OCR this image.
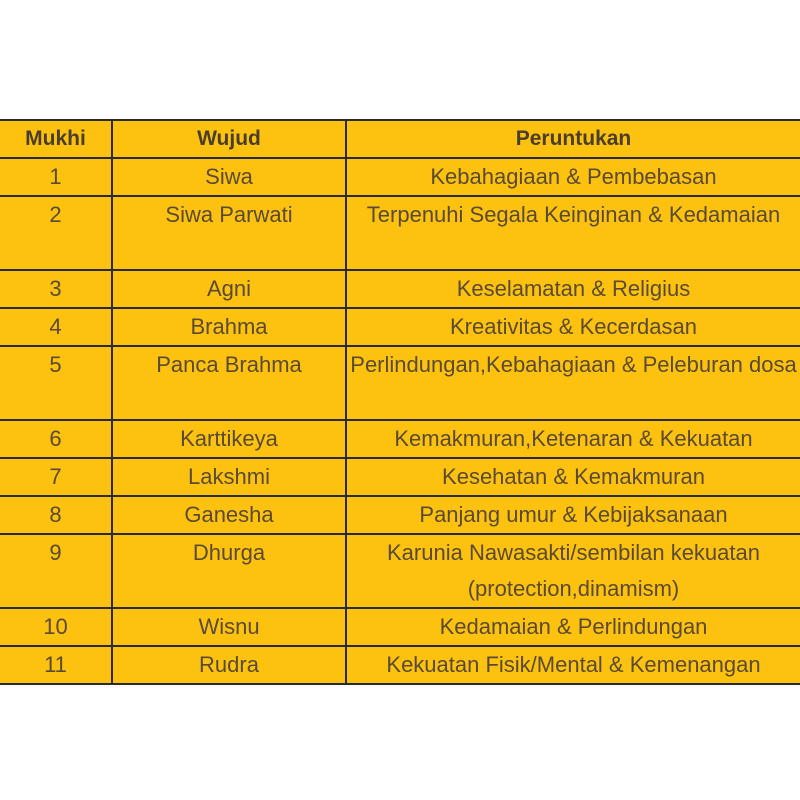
Mukhi	Wujud	Peruntukan
1	Siwa	Kebahagiaan & Pembebasan
2	Siwa Parwati	Terpenuhi Segala Keinginan & Kedamaian
3	Agni	Keselamatan & Religius
4	Brahma	Kreativitas & Kecerdasan
5	Panca Brahma	Perlindungan,Kebahagiaan & Peleburan dosa
6	Karttikeya	Kemakmuran,Ketenaran & Kekuatan
7	Lakshmi	Kesehatan & Kemakmuran
8	Ganesha	Panjang umur & Kebijaksanaan
9	Dhurga	Karunia Nawasakti/sembilan kekuatan (protection,dinamism)
10	Wisnu	Kedamaian & Perlindungan
11	Rudra	Kekuatan Fisik/Mental & Kemenangan
